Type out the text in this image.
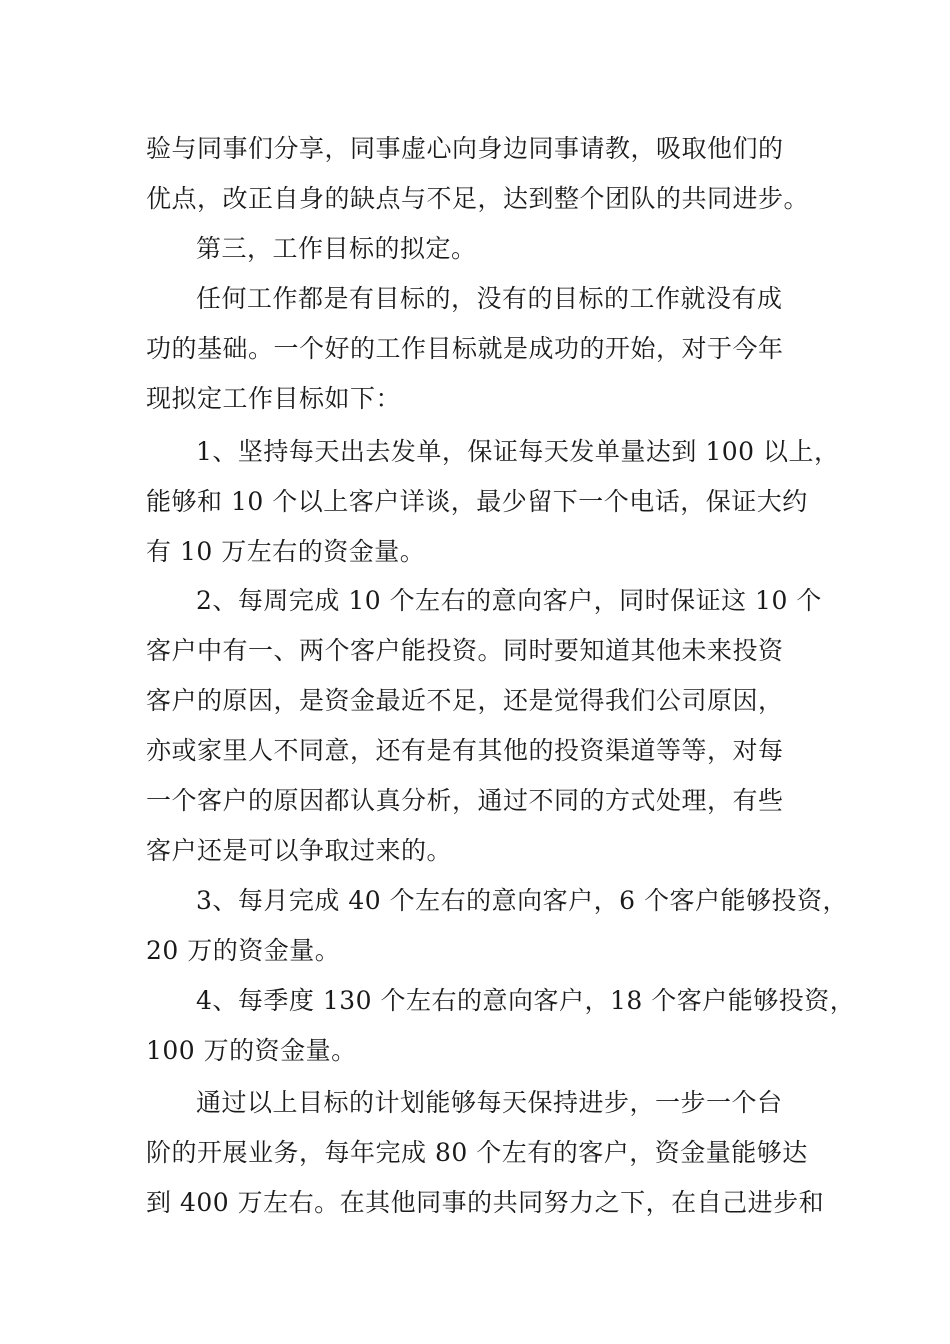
验与同事们分享，同事虚心向身边同事请教，吸取他们的
优点，改正自身的缺点与不足，达到整个团队的共同进步。
第三，工作目标的拟定。
任何工作都是有目标的，没有的目标的工作就没有成
功的基础。一个好的工作目标就是成功的开始，对于今年
现拟定工作目标如下：
1、坚持每天出去发单，保证每天发单量达到 100 以上，
能够和 10 个以上客户详谈，最少留下一个电话，保证大约
有 10 万左右的资金量。
2、每周完成 10 个左右的意向客户，同时保证这 10 个
客户中有一、两个客户能投资。同时要知道其他未来投资
客户的原因，是资金最近不足，还是觉得我们公司原因，
亦或家里人不同意，还有是有其他的投资渠道等等，对每
一个客户的原因都认真分析，通过不同的方式处理，有些
客户还是可以争取过来的。
3、每月完成 40 个左右的意向客户，6 个客户能够投资，
20 万的资金量。
4、每季度 130 个左右的意向客户，18 个客户能够投资，
100 万的资金量。
通过以上目标的计划能够每天保持进步，一步一个台
阶的开展业务，每年完成 80 个左有的客户，资金量能够达
到 400 万左右。在其他同事的共同努力之下，在自己进步和
